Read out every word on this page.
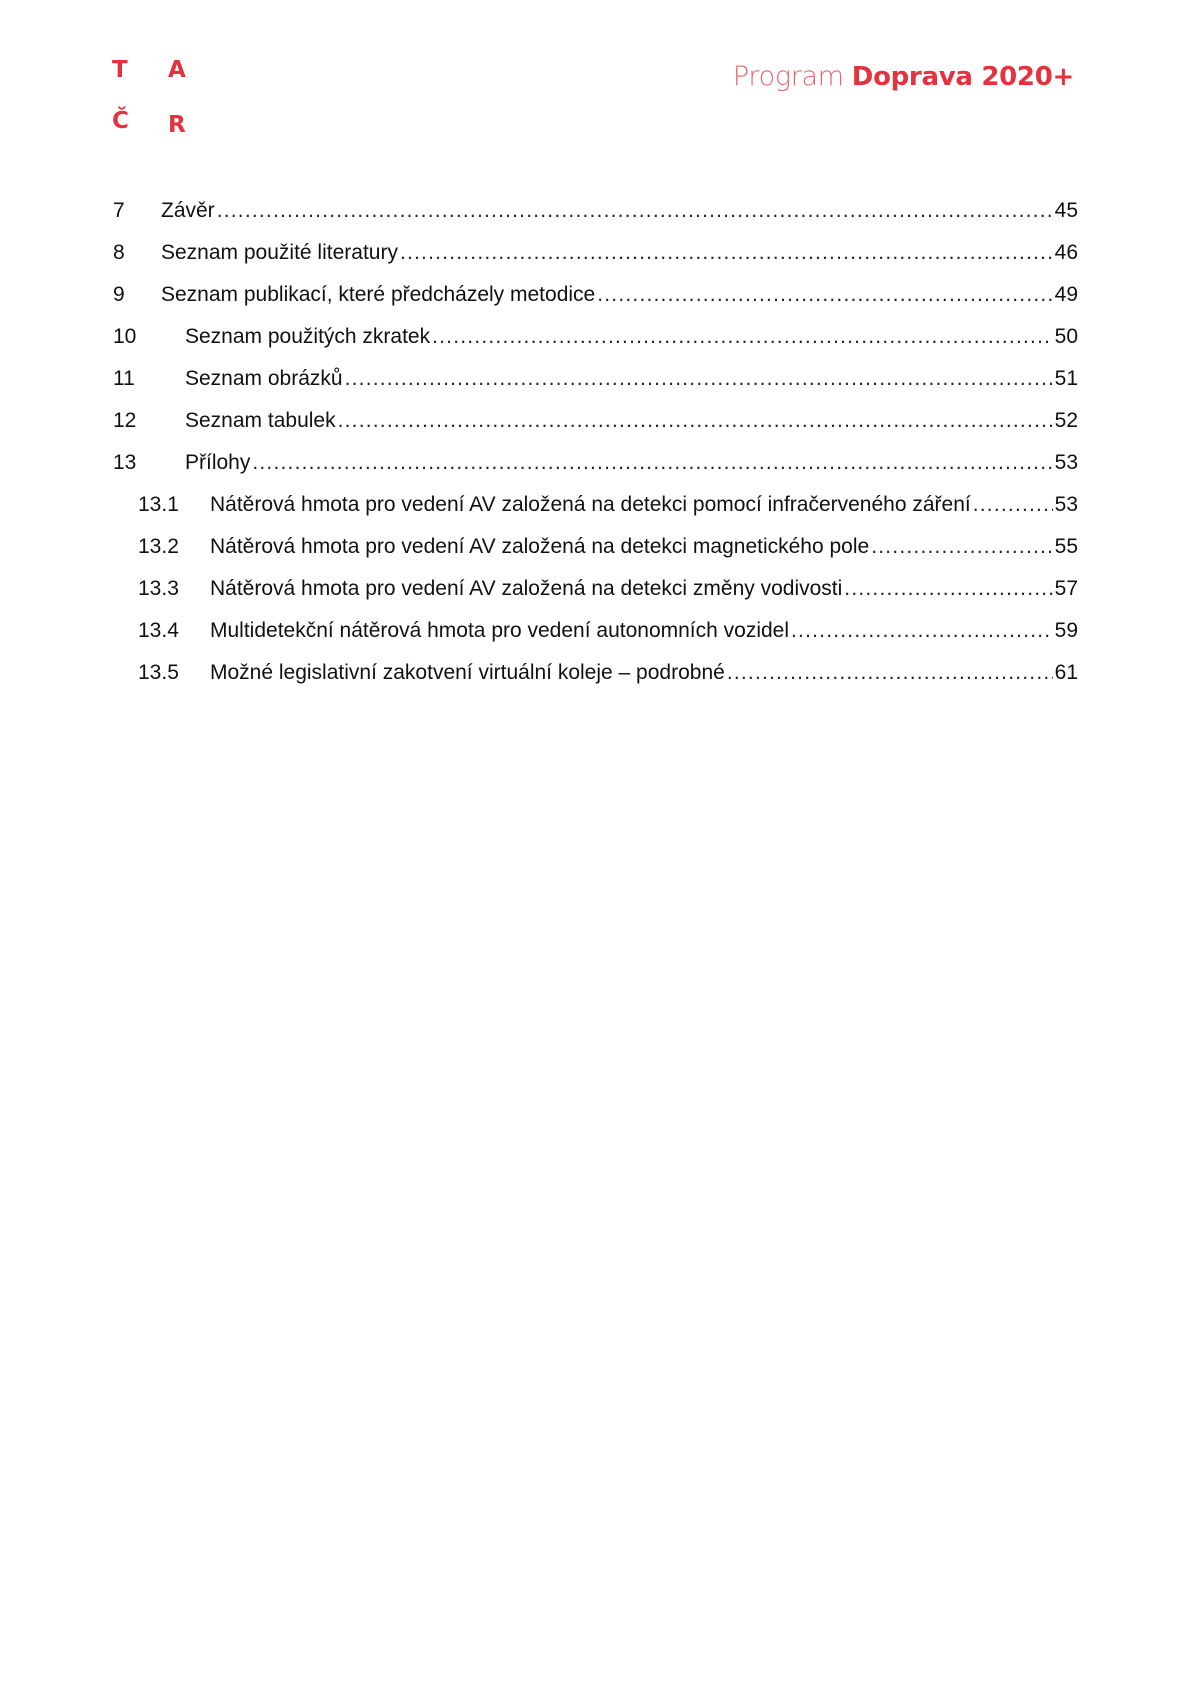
T A
Č R
Program Doprava 2020+
7	Závěr .....	45
8	Seznam použité literatury .....	46
9	Seznam publikací, které předcházely metodice .....	49
10	Seznam použitých zkratek .....	50
11	Seznam obrázků .....	51
12	Seznam tabulek .....	52
13	Přílohy .....	53
13.1	Nátěrová hmota pro vedení AV založená na detekci pomocí infračerveného záření .....	53
13.2	Nátěrová hmota pro vedení AV založená na detekci magnetického pole .....	55
13.3	Nátěrová hmota pro vedení AV založená na detekci změny vodivosti .....	57
13.4	Multidetekční nátěrová hmota pro vedení autonomních vozidel .....	59
13.5	Možné legislativní zakotvení virtuální koleje – podrobné .....	61
